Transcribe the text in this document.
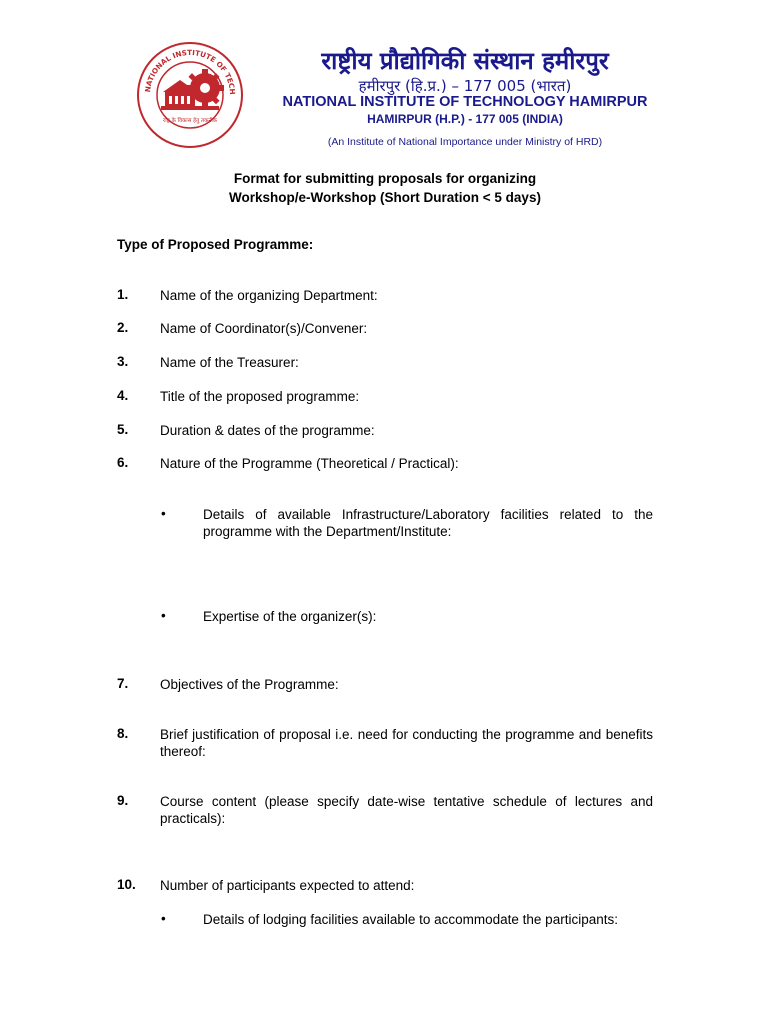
NATIONAL INSTITUTE OF TECH
राष्ट्र के विकास हेतु तकनीक
राष्ट्रीय प्रौद्योगिकी संस्थान हमीरपुर
हमीरपुर (हि.प्र.) – 177 005 (भारत)
NATIONAL INSTITUTE OF TECHNOLOGY HAMIRPUR
HAMIRPUR (H.P.) - 177 005 (INDIA)
(An Institute of National Importance under Ministry of HRD)
Format for submitting proposals for organizing
Workshop/e-Workshop (Short Duration < 5 days)
Type of Proposed Programme:
1. Name of the organizing Department:
2. Name of Coordinator(s)/Convener:
3. Name of the Treasurer:
4. Title of the proposed programme:
5. Duration & dates of the programme:
6. Nature of the Programme (Theoretical / Practical):
•	Details of available Infrastructure/Laboratory facilities related to the programme with the Department/Institute:
•	Expertise of the organizer(s):
7. Objectives of the Programme:
8. Brief justification of proposal i.e. need for conducting the programme and benefits thereof:
9. Course content (please specify date-wise tentative schedule of lectures and practicals):
10. Number of participants expected to attend:
•	Details of lodging facilities available to accommodate the participants:
